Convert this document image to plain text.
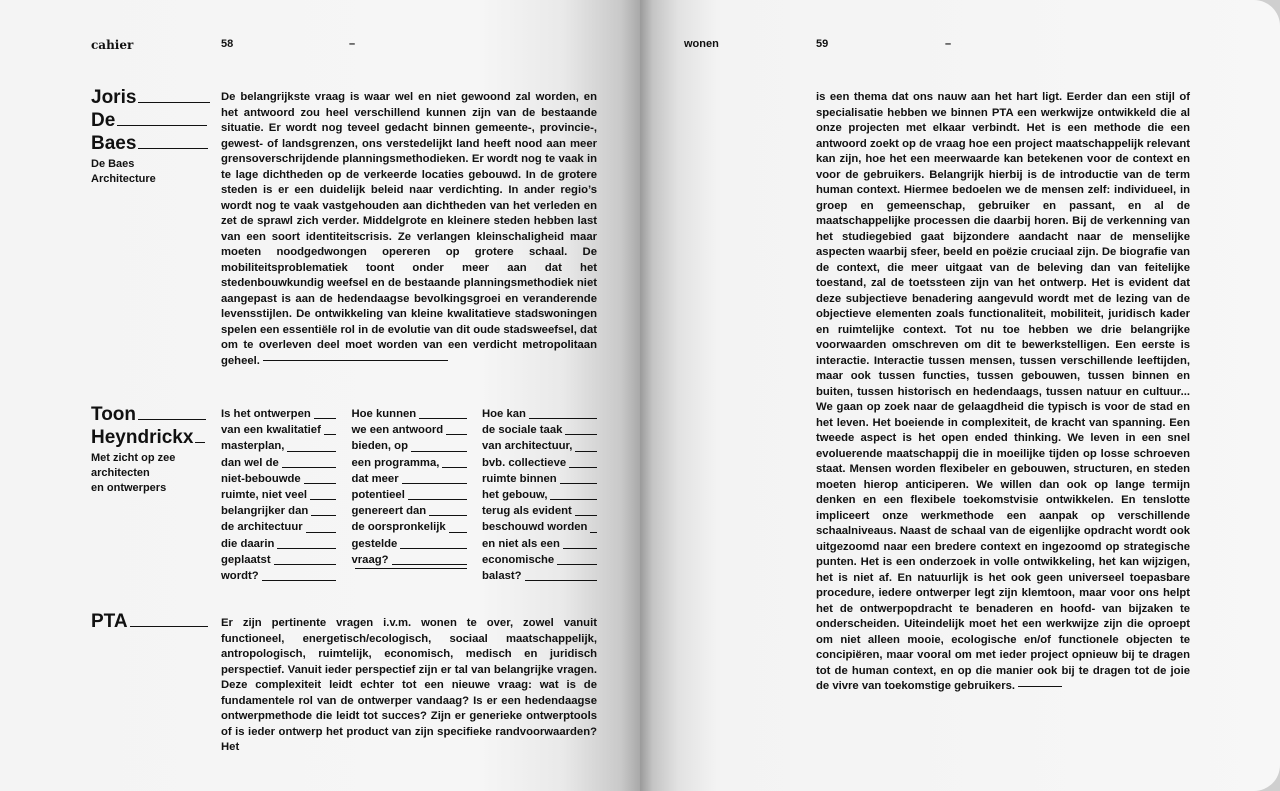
cahier	58	–
Joris
De
Baes
De Baes
Architecture
Toon
Heyndrickx
Met zicht op zee
architecten
en ontwerpers
PTA

De belangrijkste vraag is waar wel en niet gewoond zal worden, en het antwoord zou heel verschillend kunnen zijn van de bestaande situatie. Er wordt nog teveel gedacht binnen gemeente-, provincie-, gewest- of landsgrenzen, ons verstedelijkt land heeft nood aan meer grensoverschrijdende planningsmethodieken. Er wordt nog te vaak in te lage dichtheden op de verkeerde locaties gebouwd. In de grotere steden is er een duidelijk beleid naar verdichting. In ander regio’s wordt nog te vaak vastgehouden aan dichtheden van het verleden en zet de sprawl zich verder. Middelgrote en kleinere steden hebben last van een soort identiteitscrisis. Ze verlangen kleinschaligheid maar moeten noodgedwongen opereren op grotere schaal. De mobiliteitsproblematiek toont onder meer aan dat het stedenbouwkundig weefsel en de bestaande planningsmethodiek niet aangepast is aan de hedendaagse bevolkingsgroei en veranderende levensstijlen. De ontwikkeling van kleine kwalitatieve stadswoningen spelen een essentiële rol in de evolutie van dit oude stadsweefsel, dat om te overleven deel moet worden van een verdicht metropolitaan geheel.

Is het ontwerpen
van een kwalitatief
masterplan,
dan wel de
niet-bebouwde
ruimte, niet veel
belangrijker dan
de architectuur
die daarin
geplaatst
wordt?
Hoe kunnen
we een antwoord
bieden, op
een programma,
dat meer
potentieel
genereert dan
de oorspronkelijk
gestelde
vraag?
Hoe kan
de sociale taak
van architectuur,
bvb. collectieve
ruimte binnen
het gebouw,
terug als evident
beschouwd worden
en niet als een
economische
balast?

Er zijn pertinente vragen i.v.m. wonen te over, zowel vanuit functioneel, energetisch/ecologisch, sociaal maatschappelijk, antropologisch, ruimtelijk, economisch, medisch en juridisch perspectief. Vanuit ieder perspectief zijn er tal van belangrijke vragen. Deze complexiteit leidt echter tot een nieuwe vraag: wat is de fundamentele rol van de ontwerper vandaag? Is er een hedendaagse ontwerpmethode die leidt tot succes? Zijn er generieke ontwerptools of is ieder ontwerp het product van zijn specifieke randvoorwaarden? Het

wonen	59	–

is een thema dat ons nauw aan het hart ligt. Eerder dan een stijl of specialisatie hebben we binnen PTA een werkwijze ontwikkeld die al onze projecten met elkaar verbindt. Het is een methode die een antwoord zoekt op de vraag hoe een project maatschappelijk relevant kan zijn, hoe het een meerwaarde kan betekenen voor de context en voor de gebruikers. Belangrijk hierbij is de introductie van de term human context. Hiermee bedoelen we de mensen zelf: individueel, in groep en gemeenschap, gebruiker en passant, en al de maatschappelijke processen die daarbij horen. Bij de verkenning van het studiegebied gaat bijzondere aandacht naar de menselijke aspecten waarbij sfeer, beeld en poëzie cruciaal zijn. De biografie van de context, die meer uitgaat van de beleving dan van feitelijke toestand, zal de toetssteen zijn van het ontwerp. Het is evident dat deze subjectieve benadering aangevuld wordt met de lezing van de objectieve elementen zoals functionaliteit, mobiliteit, juridisch kader en ruimtelijke context. Tot nu toe hebben we drie belangrijke voorwaarden omschreven om dit te bewerkstelligen. Een eerste is interactie. Interactie tussen mensen, tussen verschillende leeftijden, maar ook tussen functies, tussen gebouwen, tussen binnen en buiten, tussen historisch en hedendaags, tussen natuur en cultuur... We gaan op zoek naar de gelaagdheid die typisch is voor de stad en het leven. Het boeiende in complexiteit, de kracht van spanning. Een tweede aspect is het open ended thinking. We leven in een snel evoluerende maatschappij die in moeilijke tijden op losse schroeven staat. Mensen worden flexibeler en gebouwen, structuren, en steden moeten hierop anticiperen. We willen dan ook op lange termijn denken en een flexibele toekomstvisie ontwikkelen. En tenslotte impliceert onze werkmethode een aanpak op verschillende schaalniveaus. Naast de schaal van de eigenlijke opdracht wordt ook uitgezoomd naar een bredere context en ingezoomd op strategische punten. Het is een onderzoek in volle ontwikkeling, het kan wijzigen, het is niet af. En natuurlijk is het ook geen universeel toepasbare procedure, iedere ontwerper legt zijn klemtoon, maar voor ons helpt het de ontwerpopdracht te benaderen en hoofd- van bijzaken te onderscheiden. Uiteindelijk moet het een werkwijze zijn die oproept om niet alleen mooie, ecologische en/of functionele objecten te concipiëren, maar vooral om met ieder project opnieuw bij te dragen tot de human context, en op die manier ook bij te dragen tot de joie de vivre van toekomstige gebruikers.
